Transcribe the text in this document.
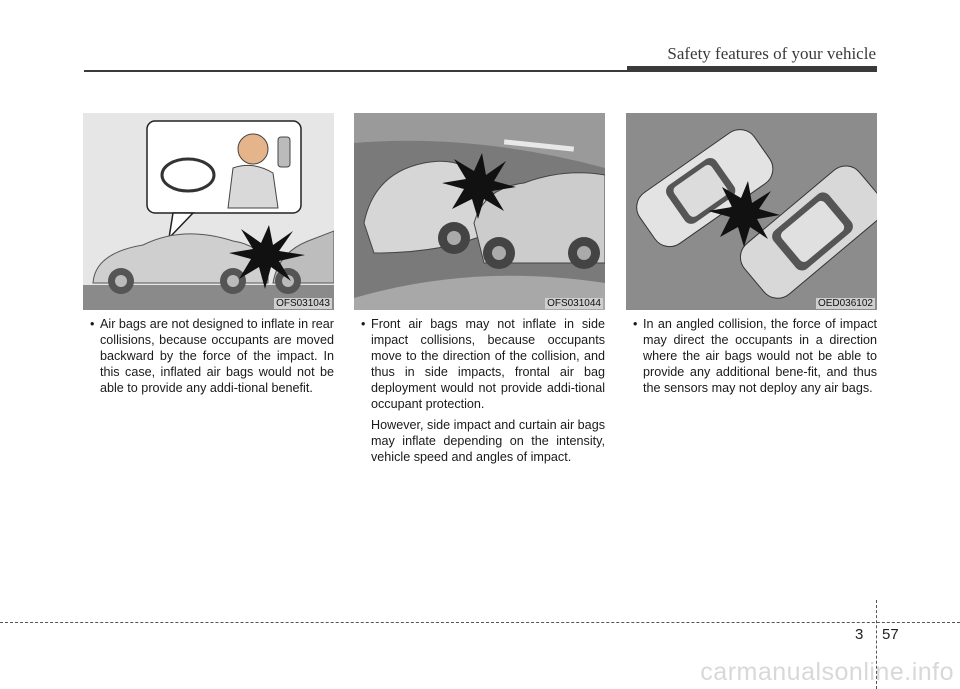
Safety features of your vehicle
OFS031043
• Air bags are not designed to inflate in rear collisions, because occupants are moved backward by the force of the impact. In this case, inflated air bags would not be able to provide any addi-tional benefit.
OFS031044
• Front air bags may not inflate in side impact collisions, because occupants move to the direction of the collision, and thus in side impacts, frontal air bag deployment would not provide addi-tional occupant protection.
However, side impact and curtain air bags may inflate depending on the intensity, vehicle speed and angles of impact.
OED036102
• In an angled collision, the force of impact may direct the occupants in a direction where the air bags would not be able to provide any additional bene-fit, and thus the sensors may not deploy any air bags.
3 57
carmanualsonline.info
